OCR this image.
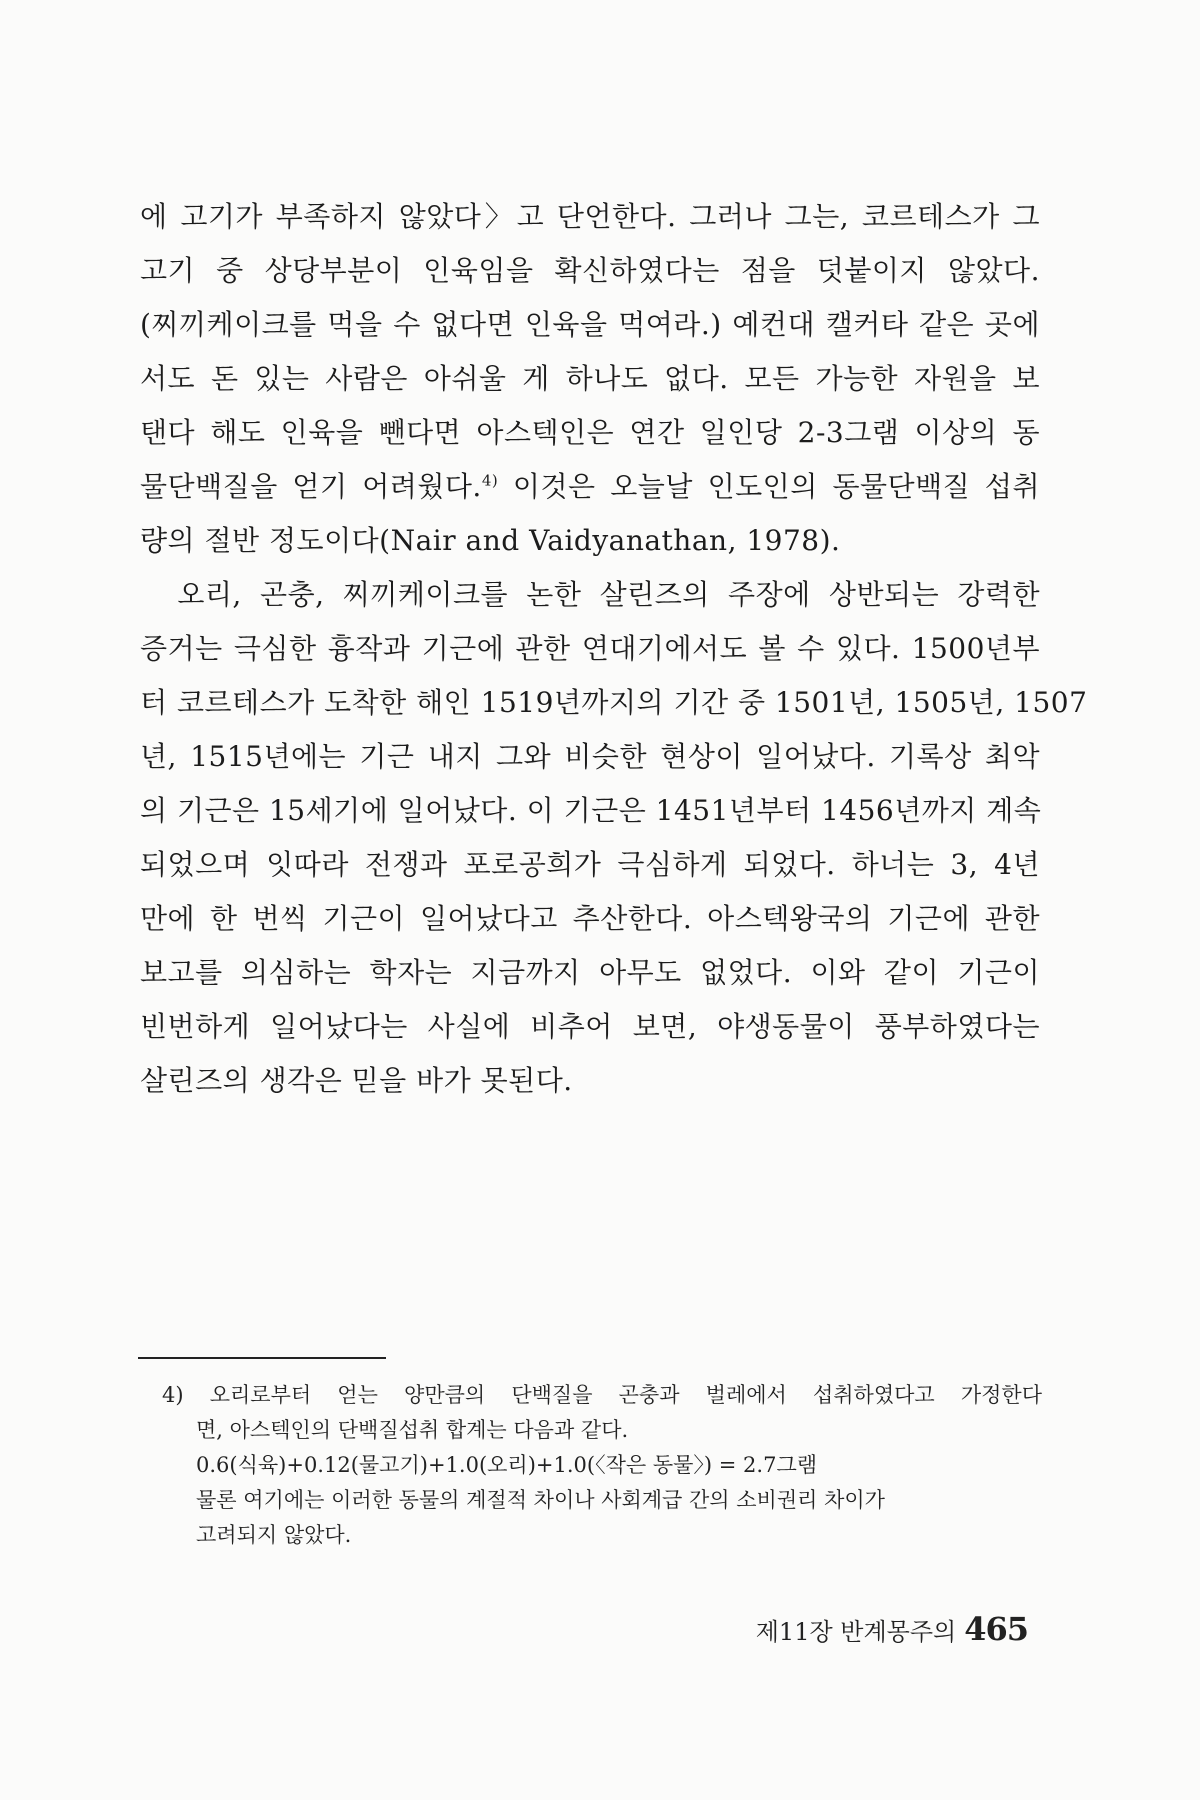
에 고기가 부족하지 않았다〉고 단언한다. 그러나 그는, 코르테스가 그
고기 중 상당부분이 인육임을 확신하였다는 점을 덧붙이지 않았다.
(찌끼케이크를 먹을 수 없다면 인육을 먹여라.) 예컨대 캘커타 같은 곳에
서도 돈 있는 사람은 아쉬울 게 하나도 없다. 모든 가능한 자원을 보
탠다 해도 인육을 뺀다면 아스텍인은 연간 일인당 2-3그램 이상의 동
물단백질을 얻기 어려웠다.$^{4)}$ 이것은 오늘날 인도인의 동물단백질 섭취
량의 절반 정도이다(Nair and Vaidyanathan, 1978).
　오리, 곤충, 찌끼케이크를 논한 살린즈의 주장에 상반되는 강력한
증거는 극심한 흉작과 기근에 관한 연대기에서도 볼 수 있다. 1500년부
터 코르테스가 도착한 해인 1519년까지의 기간 중 1501년, 1505년, 1507
년, 1515년에는 기근 내지 그와 비슷한 현상이 일어났다. 기록상 최악
의 기근은 15세기에 일어났다. 이 기근은 1451년부터 1456년까지 계속
되었으며 잇따라 전쟁과 포로공희가 극심하게 되었다. 하너는 3, 4년
만에 한 번씩 기근이 일어났다고 추산한다. 아스텍왕국의 기근에 관한
보고를 의심하는 학자는 지금까지 아무도 없었다. 이와 같이 기근이
빈번하게 일어났다는 사실에 비추어 보면, 야생동물이 풍부하였다는
살린즈의 생각은 믿을 바가 못된다.
4) 오리로부터 얻는 양만큼의 단백질을 곤충과 벌레에서 섭취하였다고 가정한다
면, 아스텍인의 단백질섭취 합계는 다음과 같다.
0.6(식육)+0.12(물고기)+1.0(오리)+1.0(〈작은 동물〉) = 2.7그램
물론 여기에는 이러한 동물의 계절적 차이나 사회계급 간의 소비권리 차이가
고려되지 않았다.
제11장 반계몽주의 465
